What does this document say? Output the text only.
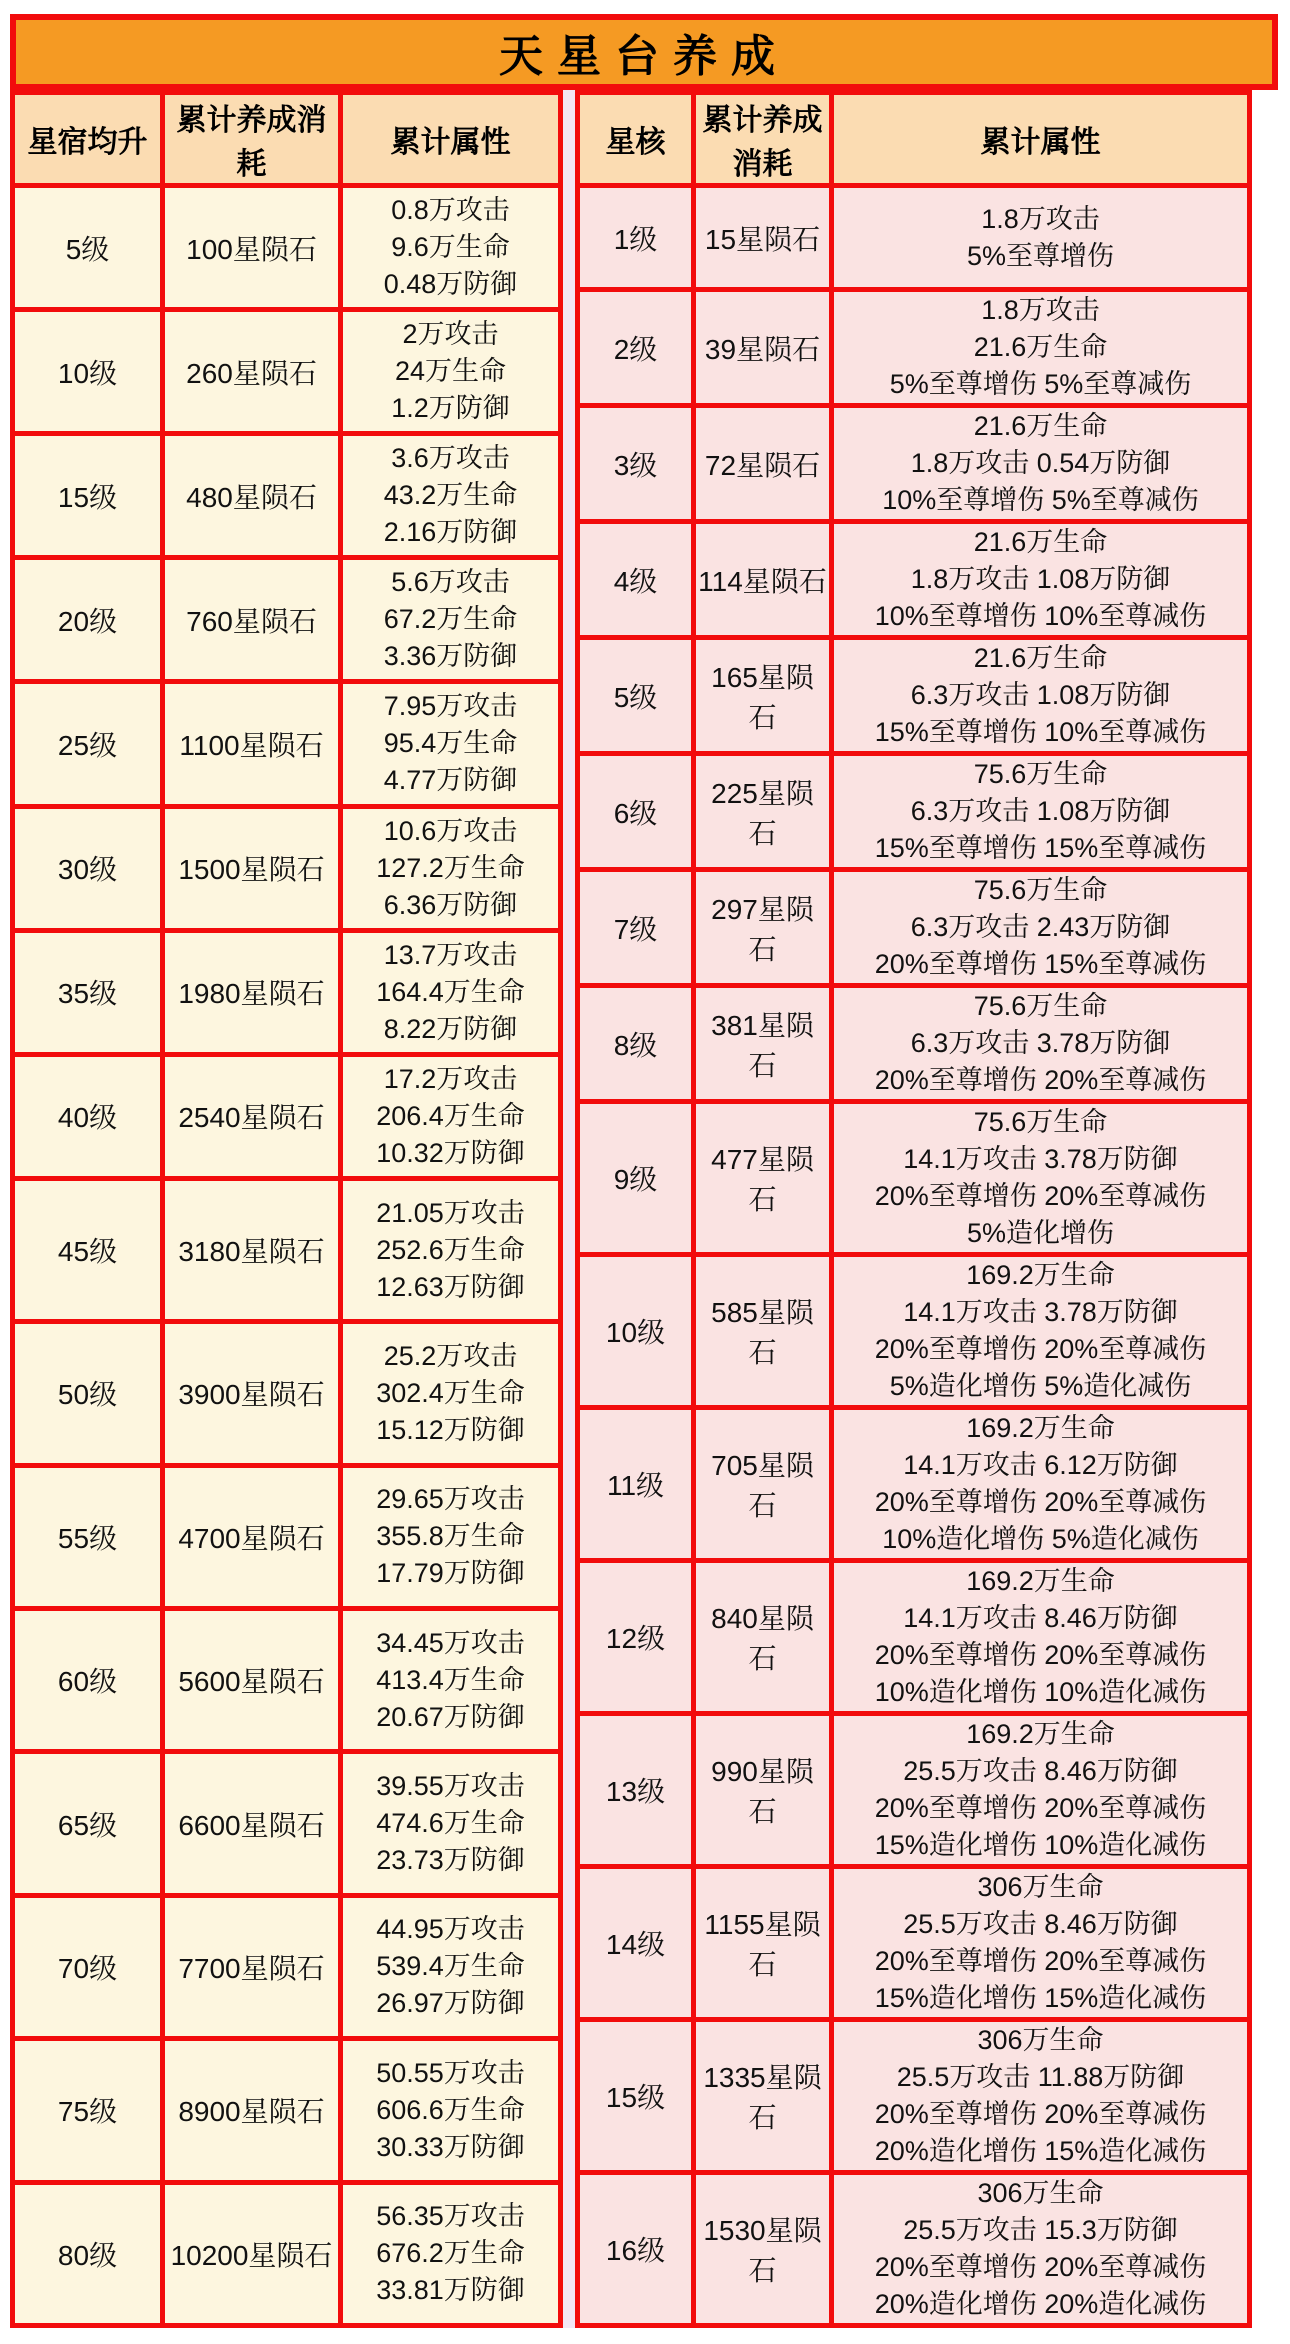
天星台养成
星宿均升	累计养成消耗	累计属性
5级	100星陨石	0.8万攻击
9.6万生命
0.48万防御

10级	260星陨石	2万攻击
24万生命
1.2万防御

15级	480星陨石	3.6万攻击
43.2万生命
2.16万防御

20级	760星陨石	5.6万攻击
67.2万生命
3.36万防御

25级	1100星陨石	7.95万攻击
95.4万生命
4.77万防御

30级	1500星陨石	10.6万攻击
127.2万生命
6.36万防御

35级	1980星陨石	13.7万攻击
164.4万生命
8.22万防御

40级	2540星陨石	17.2万攻击
206.4万生命
10.32万防御

45级	3180星陨石	21.05万攻击
252.6万生命
12.63万防御

50级	3900星陨石	25.2万攻击
302.4万生命
15.12万防御

55级	4700星陨石	29.65万攻击
355.8万生命
17.79万防御

60级	5600星陨石	34.45万攻击
413.4万生命
20.67万防御

65级	6600星陨石	39.55万攻击
474.6万生命
23.73万防御

70级	7700星陨石	44.95万攻击
539.4万生命
26.97万防御

75级	8900星陨石	50.55万攻击
606.6万生命
30.33万防御

80级	10200星陨石	56.35万攻击
676.2万生命
33.81万防御
星核	累计养成消耗	累计属性
1级	15星陨石	1.8万攻击
5%至尊增伤

2级	39星陨石	1.8万攻击
21.6万生命
5%至尊增伤 5%至尊减伤

3级	72星陨石	21.6万生命
1.8万攻击 0.54万防御
10%至尊增伤 5%至尊减伤

4级	114星陨石	21.6万生命
1.8万攻击 1.08万防御
10%至尊增伤 10%至尊减伤

5级	165星陨石	21.6万生命
6.3万攻击 1.08万防御
15%至尊增伤 10%至尊减伤

6级	225星陨石	75.6万生命
6.3万攻击 1.08万防御
15%至尊增伤 15%至尊减伤

7级	297星陨石	75.6万生命
6.3万攻击 2.43万防御
20%至尊增伤 15%至尊减伤

8级	381星陨石	75.6万生命
6.3万攻击 3.78万防御
20%至尊增伤 20%至尊减伤

9级	477星陨石	75.6万生命
14.1万攻击 3.78万防御
20%至尊增伤 20%至尊减伤
5%造化增伤

10级	585星陨石	169.2万生命
14.1万攻击 3.78万防御
20%至尊增伤 20%至尊减伤
5%造化增伤 5%造化减伤

11级	705星陨石	169.2万生命
14.1万攻击 6.12万防御
20%至尊增伤 20%至尊减伤
10%造化增伤 5%造化减伤

12级	840星陨石	169.2万生命
14.1万攻击 8.46万防御
20%至尊增伤 20%至尊减伤
10%造化增伤 10%造化减伤

13级	990星陨石	169.2万生命
25.5万攻击 8.46万防御
20%至尊增伤 20%至尊减伤
15%造化增伤 10%造化减伤

14级	1155星陨石	306万生命
25.5万攻击 8.46万防御
20%至尊增伤 20%至尊减伤
15%造化增伤 15%造化减伤

15级	1335星陨石	306万生命
25.5万攻击 11.88万防御
20%至尊增伤 20%至尊减伤
20%造化增伤 15%造化减伤

16级	1530星陨石	306万生命
25.5万攻击 15.3万防御
20%至尊增伤 20%至尊减伤
20%造化增伤 20%造化减伤
